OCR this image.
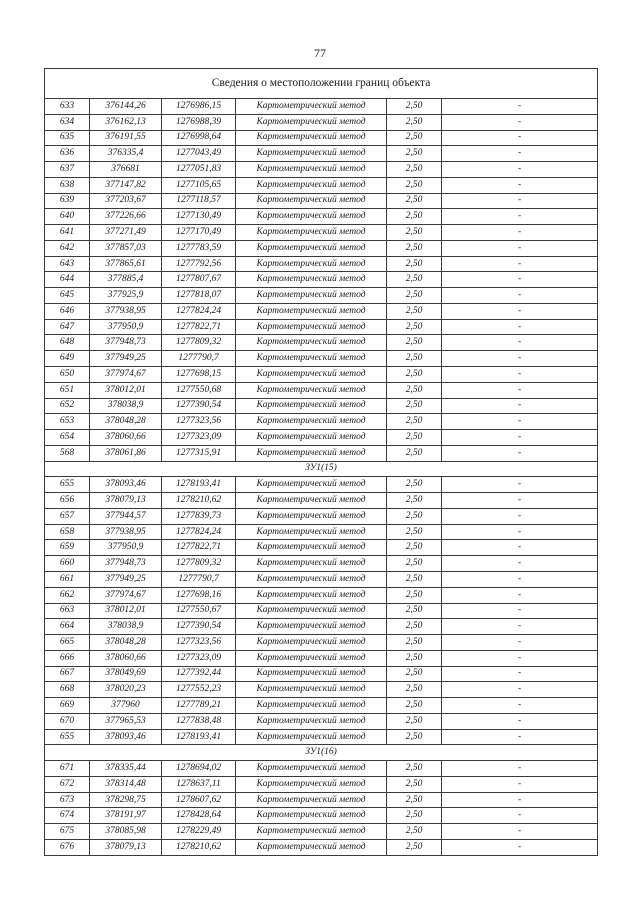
77
Сведения о местоположении границ объекта					
633	376144,26	1276986,15	Картометрический метод	2,50	-
634	376162,13	1276988,39	Картометрический метод	2,50	-
635	376191,55	1276998,64	Картометрический метод	2,50	-
636	376335,4	1277043,49	Картометрический метод	2,50	-
637	376681	1277051,83	Картометрический метод	2,50	-
638	377147,82	1277105,65	Картометрический метод	2,50	-
639	377203,67	1277118,57	Картометрический метод	2,50	-
640	377226,66	1277130,49	Картометрический метод	2,50	-
641	377271,49	1277170,49	Картометрический метод	2,50	-
642	377857,03	1277783,59	Картометрический метод	2,50	-
643	377865,61	1277792,56	Картометрический метод	2,50	-
644	377885,4	1277807,67	Картометрический метод	2,50	-
645	377925,9	1277818,07	Картометрический метод	2,50	-
646	377938,95	1277824,24	Картометрический метод	2,50	-
647	377950,9	1277822,71	Картометрический метод	2,50	-
648	377948,73	1277809,32	Картометрический метод	2,50	-
649	377949,25	1277790,7	Картометрический метод	2,50	-
650	377974,67	1277698,15	Картометрический метод	2,50	-
651	378012,01	1277550,68	Картометрический метод	2,50	-
652	378038,9	1277390,54	Картометрический метод	2,50	-
653	378048,28	1277323,56	Картометрический метод	2,50	-
654	378060,66	1277323,09	Картометрический метод	2,50	-
568	378061,86	1277315,91	Картометрический метод	2,50	-
ЗУ1(15)					
655	378093,46	1278193,41	Картометрический метод	2,50	-
656	378079,13	1278210,62	Картометрический метод	2,50	-
657	377944,57	1277839,73	Картометрический метод	2,50	-
658	377938,95	1277824,24	Картометрический метод	2,50	-
659	377950,9	1277822,71	Картометрический метод	2,50	-
660	377948,73	1277809,32	Картометрический метод	2,50	-
661	377949,25	1277790,7	Картометрический метод	2,50	-
662	377974,67	1277698,16	Картометрический метод	2,50	-
663	378012,01	1277550,67	Картометрический метод	2,50	-
664	378038,9	1277390,54	Картометрический метод	2,50	-
665	378048,28	1277323,56	Картометрический метод	2,50	-
666	378060,66	1277323,09	Картометрический метод	2,50	-
667	378049,69	1277392,44	Картометрический метод	2,50	-
668	378020,23	1277552,23	Картометрический метод	2,50	-
669	377960	1277789,21	Картометрический метод	2,50	-
670	377965,53	1277838,48	Картометрический метод	2,50	-
655	378093,46	1278193,41	Картометрический метод	2,50	-
ЗУ1(16)					
671	378335,44	1278694,02	Картометрический метод	2,50	-
672	378314,48	1278637,11	Картометрический метод	2,50	-
673	378298,75	1278607,62	Картометрический метод	2,50	-
674	378191,97	1278428,64	Картометрический метод	2,50	-
675	378085,98	1278229,49	Картометрический метод	2,50	-
676	378079,13	1278210,62	Картометрический метод	2,50	-
